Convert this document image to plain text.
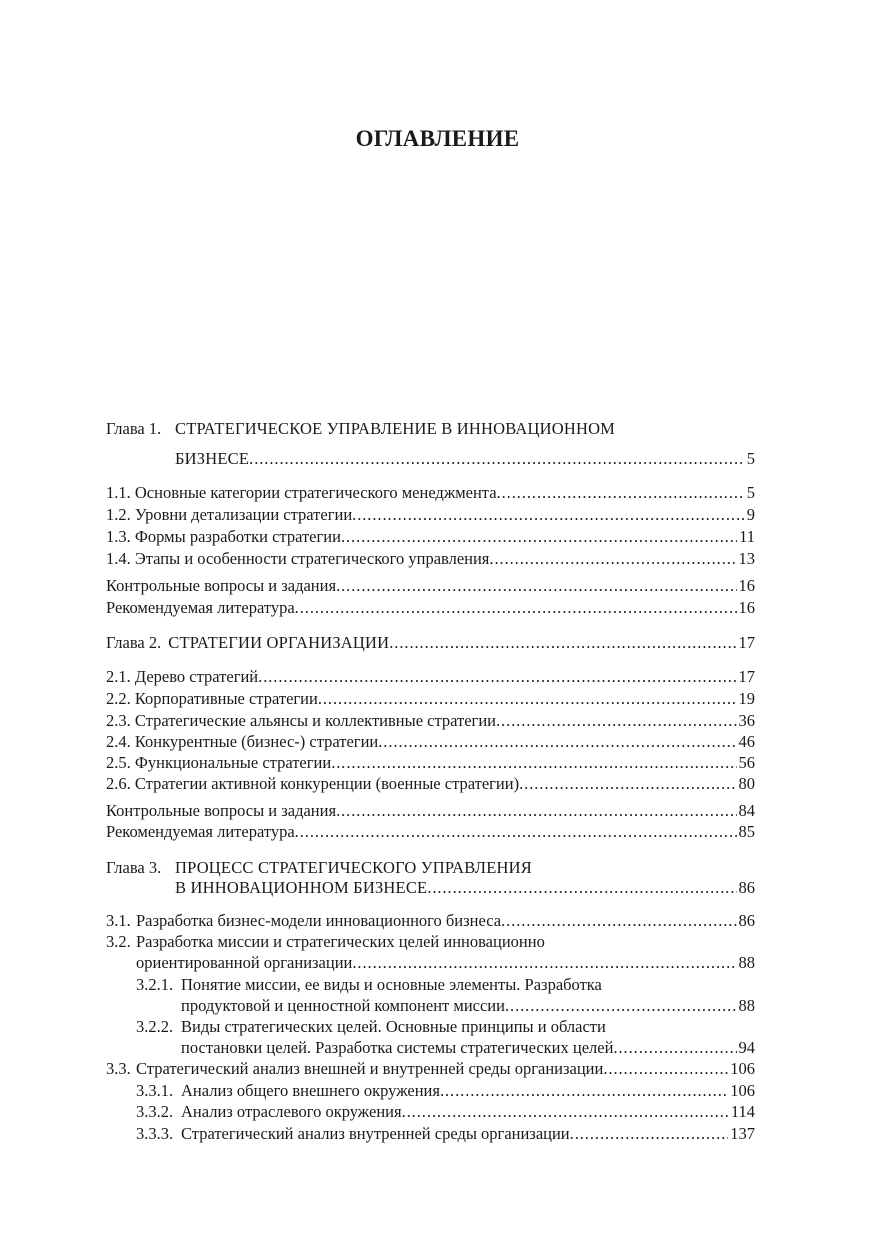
ОГЛАВЛЕНИЕ
Глава 1. СТРАТЕГИЧЕСКОЕ УПРАВЛЕНИЕ В ИННОВАЦИОННОМ
БИЗНЕСЕ . . .	5
1.1. Основные категории стратегического менеджмента . . .	5
1.2. Уровни детализации стратегии . . .	9
1.3. Формы разработки стратегии . . .	11
1.4. Этапы и особенности стратегического управления . . .	13
Контрольные вопросы и задания . . .	16
Рекомендуемая литература . . .	16
Глава 2. СТРАТЕГИИ ОРГАНИЗАЦИИ . . .	17
2.1. Дерево стратегий . . .	17
2.2. Корпоративные стратегии . . .	19
2.3. Стратегические альянсы и коллективные стратегии . . .	36
2.4. Конкурентные (бизнес-) стратегии . . .	46
2.5. Функциональные стратегии . . .	56
2.6. Стратегии активной конкуренции (военные стратегии) . . .	80
Контрольные вопросы и задания . . .	84
Рекомендуемая литература . . .	85
Глава 3. ПРОЦЕСС СТРАТЕГИЧЕСКОГО УПРАВЛЕНИЯ
В ИННОВАЦИОННОМ БИЗНЕСЕ . . .	86
3.1. Разработка бизнес-модели инновационного бизнеса . . .	86
3.2. Разработка миссии и стратегических целей инновационно
ориентированной организации . . .	88
3.2.1. Понятие миссии, ее виды и основные элементы. Разработка
продуктовой и ценностной компонент миссии . . .	88
3.2.2. Виды стратегических целей. Основные принципы и области
постановки целей. Разработка системы стратегических целей . . .	94
3.3. Стратегический анализ внешней и внутренней среды организации . . .	106
3.3.1. Анализ общего внешнего окружения . . .	106
3.3.2. Анализ отраслевого окружения . . .	114
3.3.3. Стратегический анализ внутренней среды организации . . .	137
